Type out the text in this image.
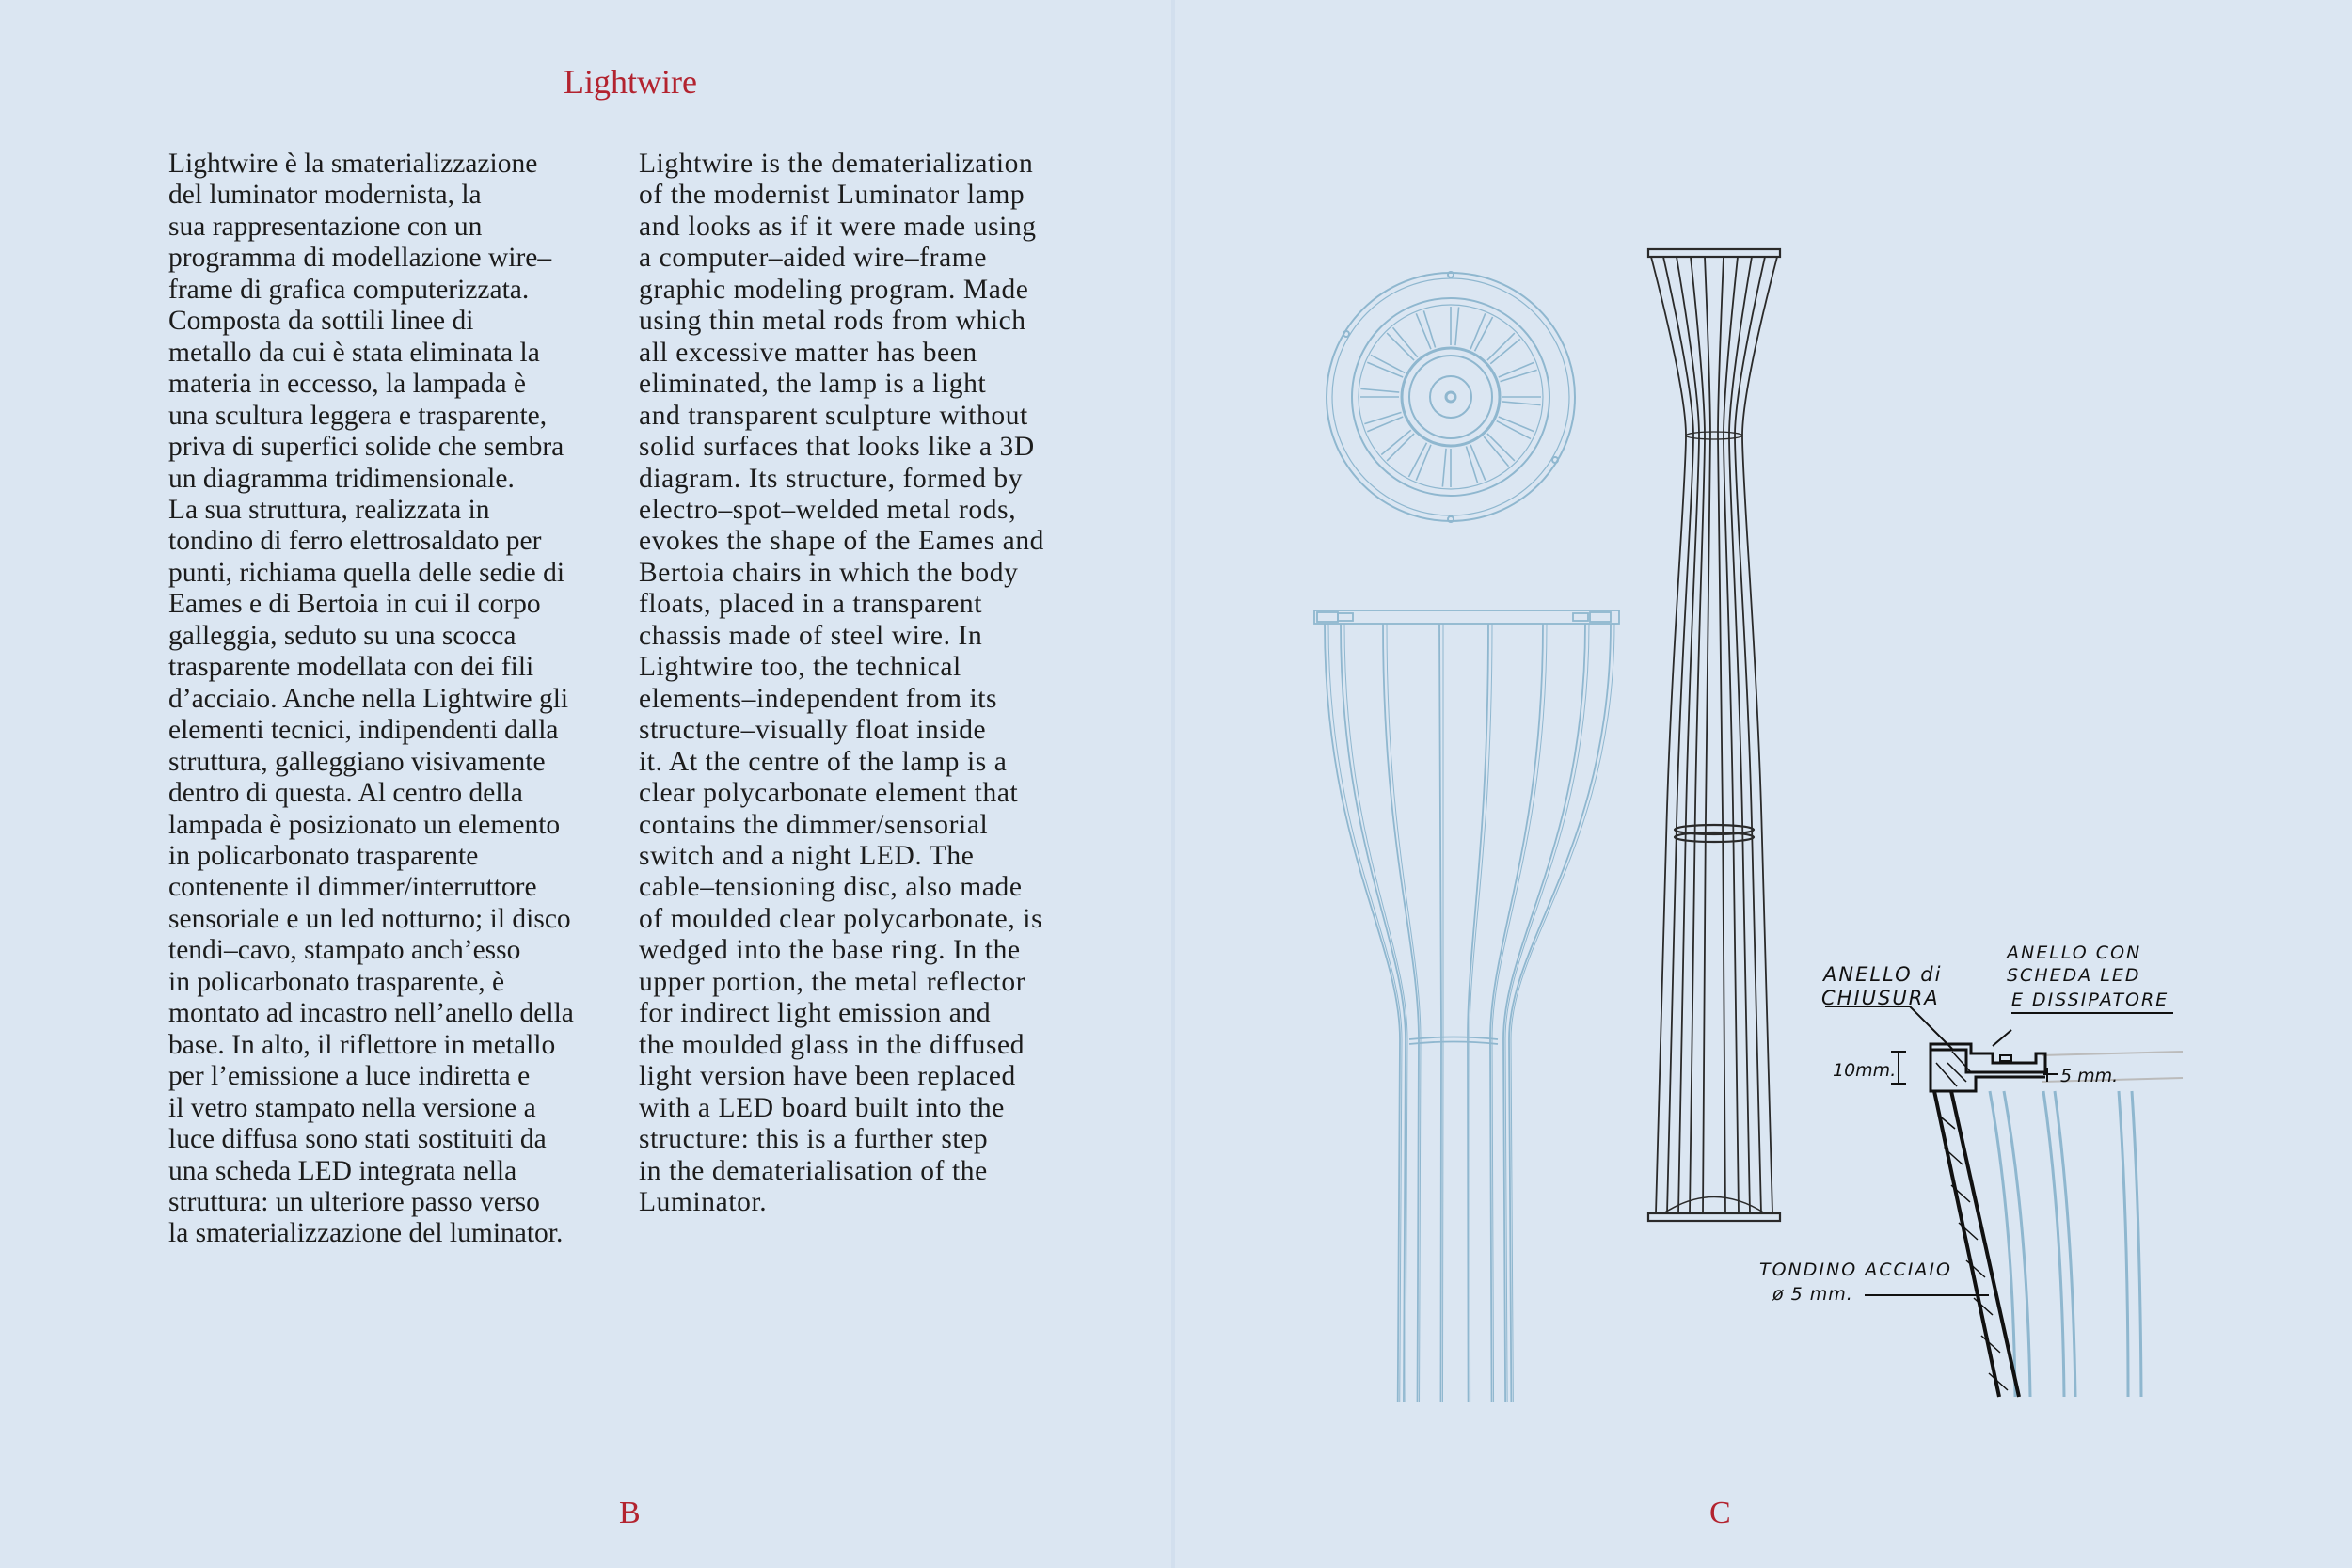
Lightwire
Lightwire è la smaterializzazione
del luminator modernista, la
sua rappresentazione con un
programma di modellazione wire–
frame di grafica computerizzata.
Composta da sottili linee di
metallo da cui è stata eliminata la
materia in eccesso, la lampada è
una scultura leggera e trasparente,
priva di superfici solide che sembra
un diagramma tridimensionale.
La sua struttura, realizzata in
tondino di ferro elettrosaldato per
punti, richiama quella delle sedie di
Eames e di Bertoia in cui il corpo
galleggia, seduto su una scocca
trasparente modellata con dei fili
d’acciaio. Anche nella Lightwire gli
elementi tecnici, indipendenti dalla
struttura, galleggiano visivamente
dentro di questa. Al centro della
lampada è posizionato un elemento
in policarbonato trasparente
contenente il dimmer/interruttore
sensoriale e un led notturno; il disco
tendi–cavo, stampato anch’esso
in policarbonato trasparente, è
montato ad incastro nell’anello della
base. In alto, il riflettore in metallo
per l’emissione a luce indiretta e
il vetro stampato nella versione a
luce diffusa sono stati sostituiti da
una scheda LED integrata nella
struttura: un ulteriore passo verso
la smaterializzazione del luminator.
Lightwire is the dematerialization
of the modernist Luminator lamp
and looks as if it were made using
a computer–aided wire–frame
graphic modeling program. Made
using thin metal rods from which
all excessive matter has been
eliminated, the lamp is a light
and transparent sculpture without
solid surfaces that looks like a 3D
diagram. Its structure, formed by
electro–spot–welded metal rods,
evokes the shape of the Eames and
Bertoia chairs in which the body
floats, placed in a transparent
chassis made of steel wire. In
Lightwire too, the technical
elements–independent from its
structure–visually float inside
it. At the centre of the lamp is a
clear polycarbonate element that
contains the dimmer/sensorial
switch and a night LED. The
cable–tensioning disc, also made
of moulded clear polycarbonate, is
wedged into the base ring. In the
upper portion, the metal reflector
for indirect light emission and
the moulded glass in the diffused
light version have been replaced
with a LED board built into the
structure: this is a further step
in the dematerialisation of the
Luminator.
B	C
ANELLO di
CHIUSURA
ANELLO CON
SCHEDA LED
E DISSIPATORE
10mm.	5 mm.
TONDINO ACCIAIO
ø 5 mm.
